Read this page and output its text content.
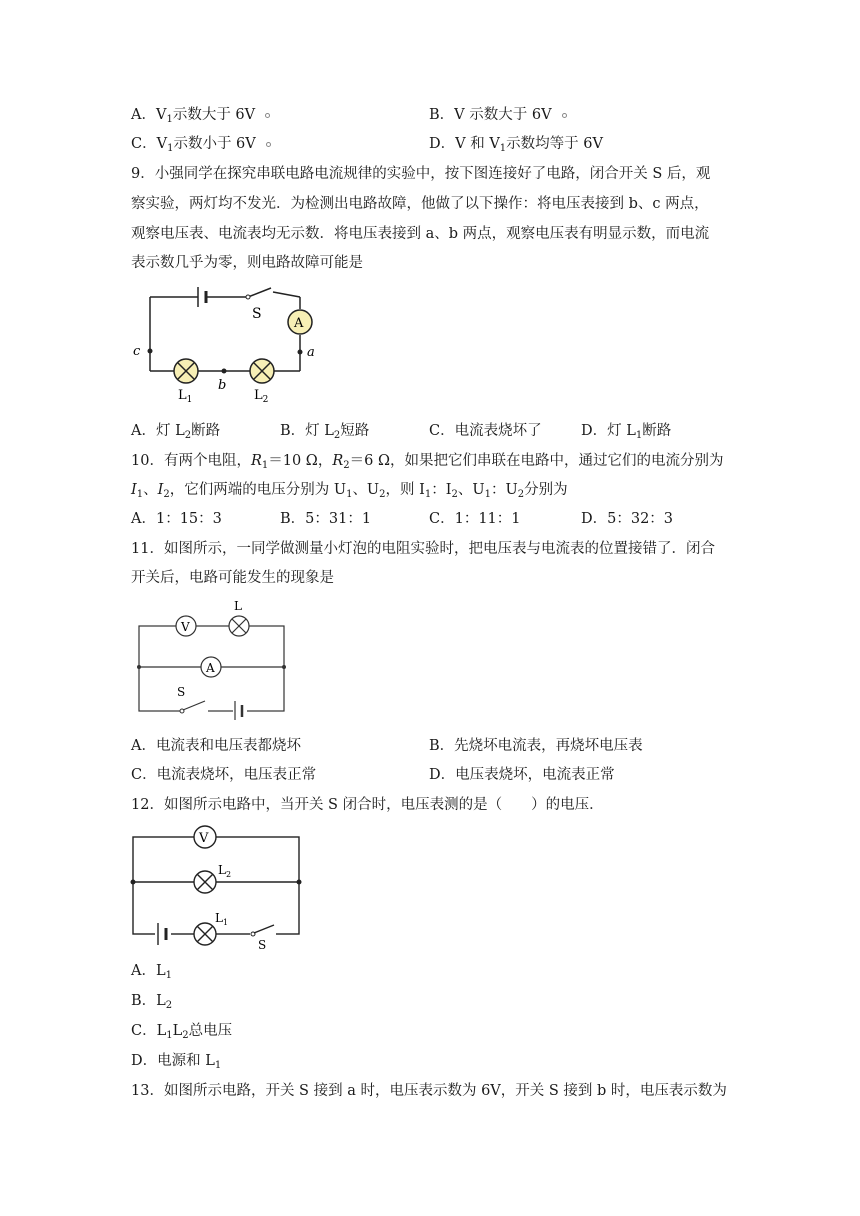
A．$V_1$示数大于 6V	B．V 示数大于 6V
C．$V_1$示数小于 6V	D．V 和 $V_1$示数均等于 6V
9．小强同学在探究串联电路电流规律的实验中，按下图连接好了电路，闭合开关 S 后，观
察实验，两灯均不发光．为检测出电路故障，他做了以下操作：将电压表接到 b、c 两点，
观察电压表、电流表均无示数．将电压表接到 a、b 两点，观察电压表有明显示数，而电流
表示数几乎为零，则电路故障可能是
S
A
a
c
$L_1$
b
$L_2$
A．灯 $L_2$断路	B．灯 $L_2$短路	C．电流表烧坏了	D．灯 $L_1$断路
10．有两个电阻，$R_1=10$ Ω，$R_2=6$ Ω，如果把它们串联在电路中，通过它们的电流分别为
$I_1$、$I_2$，它们两端的电压分别为 $U_1$、$U_2$，则 $I_1$：$I_2$、$U_1$：$U_2$分别为
A．1：15：3	B．5：31：1	C．1：11：1	D．5：32：3
11．如图所示，一同学做测量小灯泡的电阻实验时，把电压表与电流表的位置接错了．闭合
开关后，电路可能发生的现象是
V
L
A
S
A．电流表和电压表都烧坏	B．先烧坏电流表，再烧坏电压表
C．电流表烧坏，电压表正常	D．电压表烧坏，电流表正常
12．如图所示电路中，当开关 S 闭合时，电压表测的是（　　）的电压．
V
$L_2$
$L_1$
S
A．$L_1$
B．$L_2$
C．$L_1L_2$总电压
D．电源和 $L_1$
13．如图所示电路，开关 S 接到 a 时，电压表示数为 6V，开关 S 接到 b 时，电压表示数为
